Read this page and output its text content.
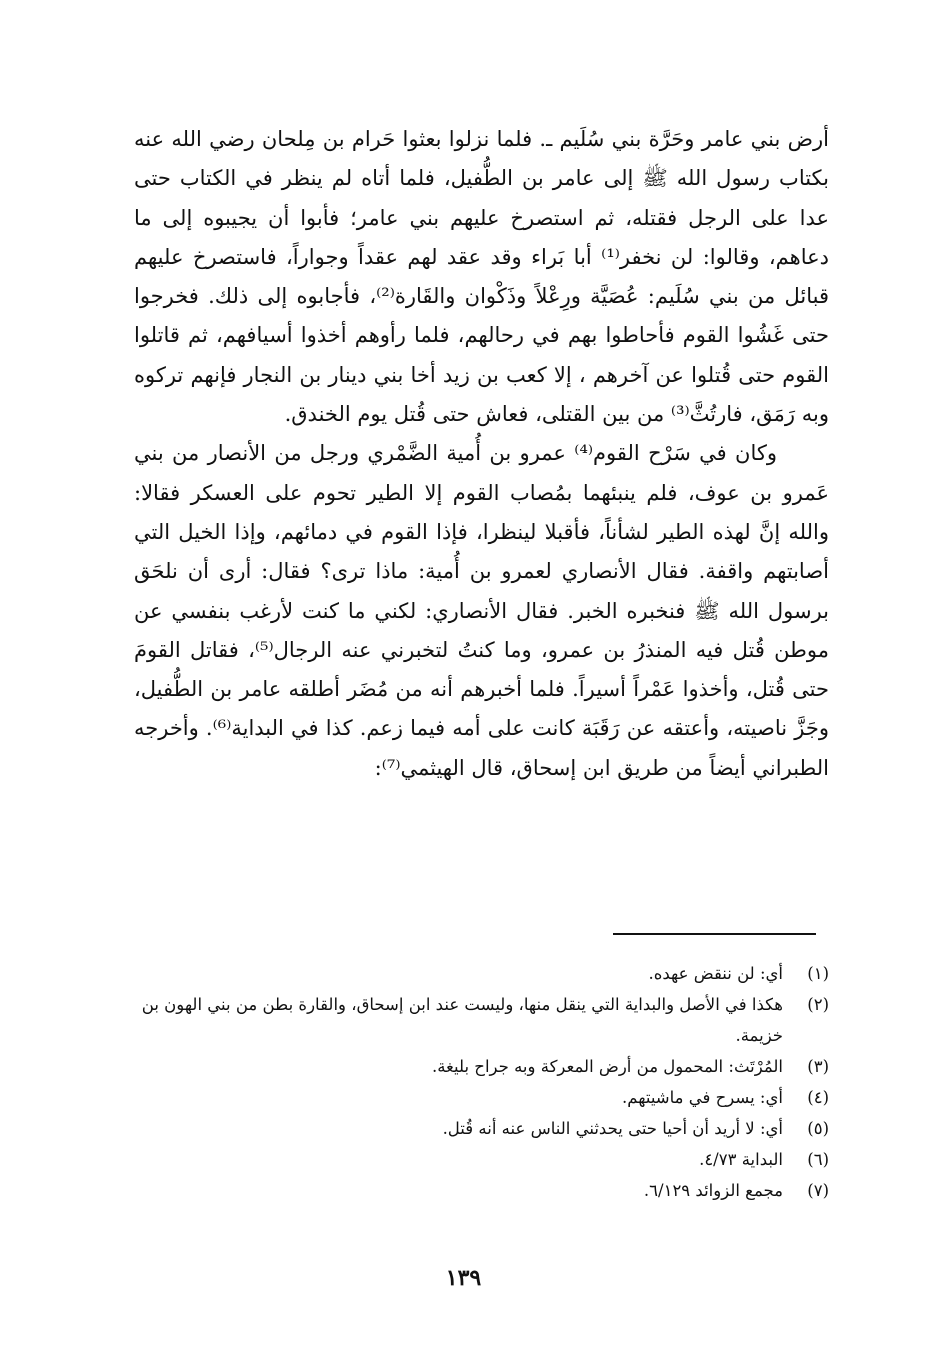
أرض بني عامر وحَرَّة بني سُلَيم ـ. فلما نزلوا بعثوا حَرام بن مِلحان رضي الله عنه بكتاب رسول الله ﷺ إلى عامر بن الطُّفيل، فلما أتاه لم ينظر في الكتاب حتى عدا على الرجل فقتله، ثم استصرخ عليهم بني عامر؛ فأبوا أن يجيبوه إلى ما دعاهم، وقالوا: لن نخفر⁽¹⁾ أبا بَراء وقد عقد لهم عقداً وجواراً، فاستصرخ عليهم قبائل من بني سُلَيم: عُصَيَّة ورِعْلاً وذَكْوان والقَارة⁽²⁾، فأجابوه إلى ذلك. فخرجوا حتى غَشُوا القوم فأحاطوا بهم في رحالهم، فلما رأوهم أخذوا أسيافهم، ثم قاتلوا القوم حتى قُتلوا عن آخرهم ، إلا كعب بن زيد أخا بني دينار بن النجار فإنهم تركوه وبه رَمَق، فارتُثَّ⁽³⁾ من بين القتلى، فعاش حتى قُتل يوم الخندق.

وكان في سَرْح القوم⁽⁴⁾ عمرو بن أُمية الضَّمْري ورجل من الأنصار من بني عَمرو بن عوف، فلم ينبئهما بمُصاب القوم إلا الطير تحوم على العسكر فقالا: والله إنَّ لهذه الطير لشأناً، فأقبلا لينظرا، فإذا القوم في دمائهم، وإذا الخيل التي أصابتهم واقفة. فقال الأنصاري لعمرو بن أُمية: ماذا ترى؟ فقال: أرى أن نلحَق برسول الله ﷺ فنخبره الخبر. فقال الأنصاري: لكني ما كنت لأرغب بنفسي عن موطن قُتل فيه المنذرُ بن عمرو، وما كنتُ لتخبرني عنه الرجال⁽⁵⁾، فقاتل القومَ حتى قُتل، وأخذوا عَمْراً أسيراً. فلما أخبرهم أنه من مُضَر أطلقه عامر بن الطُّفيل، وجَزَّ ناصيته، وأعتقه عن رَقَبَة كانت على أمه فيما زعم. كذا في البداية⁽⁶⁾. وأخرجه الطبراني أيضاً من طريق ابن إسحاق، قال الهيثمي⁽⁷⁾:

(١)
أي: لن ننقض عهده.
(٢)
هكذا في الأصل والبداية التي ينقل منها، وليست عند ابن إسحاق، والقارة بطن من بني الهون بن خزيمة.
(٣)
المُرْتَث: المحمول من أرض المعركة وبه جراح بليغة.
(٤)
أي: يسرح في ماشيتهم.
(٥)
أي: لا أريد أن أحيا حتى يحدثني الناس عنه أنه قُتل.
(٦)
البداية ٤/٧٣.
(٧)
مجمع الزوائد ٦/١٢٩.
١٣٩
